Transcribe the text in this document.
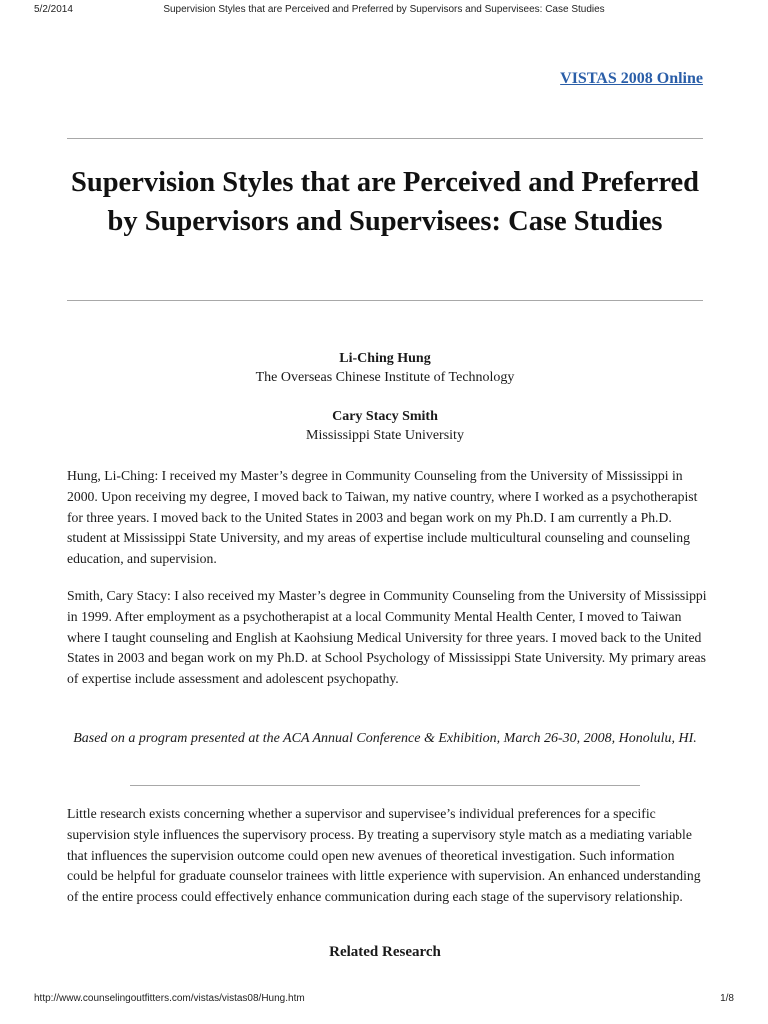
5/2/2014	Supervision Styles that are Perceived and Preferred by Supervisors and Supervisees: Case Studies
VISTAS 2008 Online
Supervision Styles that are Perceived and Preferred by Supervisors and Supervisees: Case Studies
Li-Ching Hung
The Overseas Chinese Institute of Technology
Cary Stacy Smith
Mississippi State University

Hung, Li-Ching: I received my Master’s degree in Community Counseling from the University of Mississippi in 2000. Upon receiving my degree, I moved back to Taiwan, my native country, where I worked as a psychotherapist for three years. I moved back to the United States in 2003 and began work on my Ph.D. I am currently a Ph.D. student at Mississippi State University, and my areas of expertise include multicultural counseling and counseling education, and supervision.

Smith, Cary Stacy: I also received my Master’s degree in Community Counseling from the University of Mississippi in 1999. After employment as a psychotherapist at a local Community Mental Health Center, I moved to Taiwan where I taught counseling and English at Kaohsiung Medical University for three years. I moved back to the United States in 2003 and began work on my Ph.D. at School Psychology of Mississippi State University. My primary areas of expertise include assessment and adolescent psychopathy.

Based on a program presented at the ACA Annual Conference & Exhibition, March 26-30, 2008, Honolulu, HI.

Little research exists concerning whether a supervisor and supervisee’s individual preferences for a specific supervision style influences the supervisory process. By treating a supervisory style match as a mediating variable that influences the supervision outcome could open new avenues of theoretical investigation. Such information could be helpful for graduate counselor trainees with little experience with supervision. An enhanced understanding of the entire process could effectively enhance communication during each stage of the supervisory relationship.

Related Research
http://www.counselingoutfitters.com/vistas/vistas08/Hung.htm	1/8
